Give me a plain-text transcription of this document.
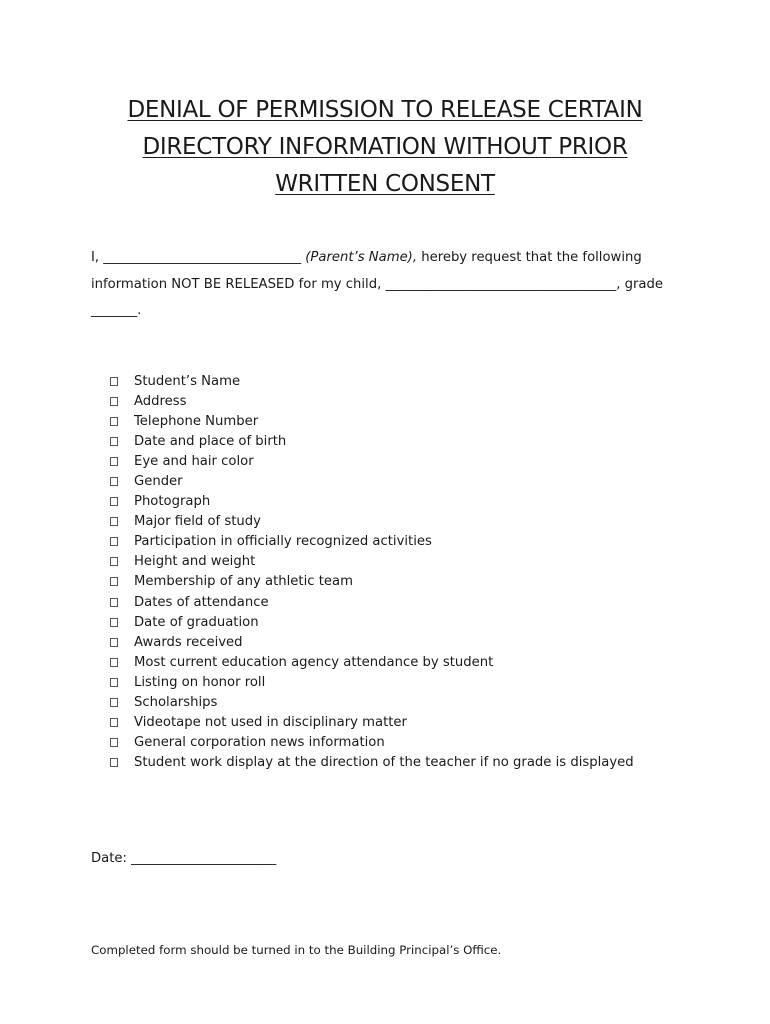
DENIAL OF PERMISSION TO RELEASE CERTAIN
DIRECTORY INFORMATION WITHOUT PRIOR
WRITTEN CONSENT

I, ______________________________ (Parent’s Name), hereby request that the following information NOT BE RELEASED for my child, ___________________________________, grade _______.

Student’s Name
Address
Telephone Number
Date and place of birth
Eye and hair color
Gender
Photograph
Major field of study
Participation in officially recognized activities
Height and weight
Membership of any athletic team
Dates of attendance
Date of graduation
Awards received
Most current education agency attendance by student
Listing on honor roll
Scholarships
Videotape not used in disciplinary matter
General corporation news information
Student work display at the direction of the teacher if no grade is displayed

Date: ______________________

Completed form should be turned in to the Building Principal’s Office.
